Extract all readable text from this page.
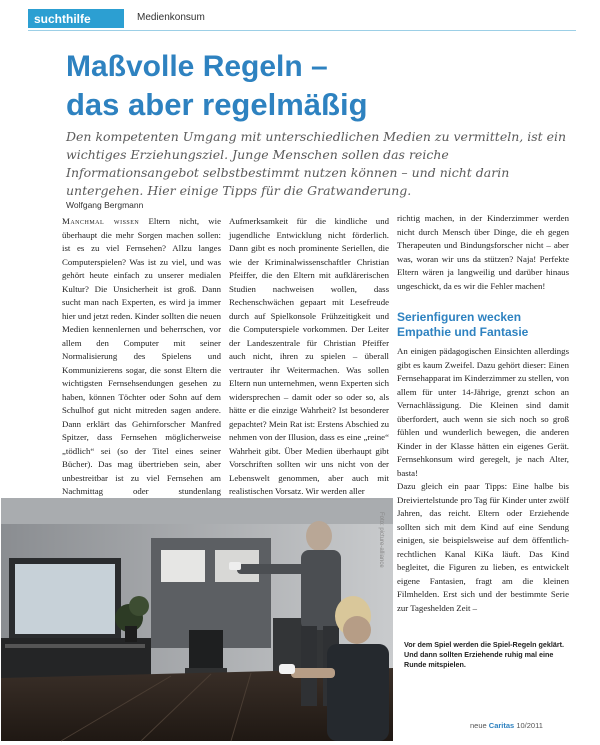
suchthilfe	Medienkonsum
Maßvolle Regeln –
das aber regelmäßig
Den kompetenten Umgang mit unterschiedlichen Medien zu vermitteln, ist ein wichtiges Erziehungsziel. Junge Menschen sollen das reiche Informationsangebot selbstbestimmt nutzen können – und nicht darin untergehen. Hier einige Tipps für die Gratwanderung.
Wolfgang Bergmann

Manchmal wissen Eltern nicht, wie überhaupt die mehr Sorgen machen sollen: ist es zu viel Fernsehen? Allzu langes Computerspielen? Was ist zu viel, und was gehört heute einfach zu unserer medialen Kultur? Die Unsicherheit ist groß. Dann sucht man nach Experten, es wird ja immer hier und jetzt reden. Kinder sollten die neuen Medien kennenlernen und beherrschen, vor allem den Computer mit seiner Normalisierung des Spielens und Kommunizierens sogar, die sonst Eltern die wichtigsten Fernsehsendungen gesehen zu haben, können Töchter oder Sohn auf dem Schulhof gut nicht mitreden sagen andere. Dann erklärt das Gehirnforscher Manfred Spitzer, dass Fernsehen möglicherweise „tödlich“ sei (so der Titel eines seiner Bücher). Das mag übertrieben sein, aber unbestreitbar ist zu viel Fernsehen am Nachmittag oder stundenlang

Aufmerksamkeit für die kindliche und jugendliche Entwicklung nicht förderlich. Dann gibt es noch prominente Seriellen, die wie der Kriminalwissenschaftler Christian Pfeiffer, die den Eltern mit aufklärerischen Studien nachweisen wollen, dass Rechenschwächen gepaart mit Lesefreude durch auf Spielkonsole Frühzeitigkeit und die Computerspiele vorkommen. Der Leiter der Landeszentrale für Christian Pfeiffer auch nicht, ihren zu spielen – überall vertrauter ihr Weitermachen. Was sollen Eltern nun unternehmen, wenn Experten sich widersprechen – damit oder so oder so, als hätte er die einzige Wahrheit? Ist besonderer gepachtet? Mein Rat ist: Erstens Abschied zu nehmen von der Illusion, dass es eine „reine“ Wahrheit gibt. Über Medien überhaupt gibt Vorschriften sollten wir uns nicht von der Lebenswelt genommen, aber auch mit realistischen Vorsatz. Wir werden aller

richtig machen, in der Kinderzimmer werden nicht durch Mensch über Dinge, die eh gegen Therapeuten und Bindungsforscher nicht – aber was, woran wir uns da stützen? Naja! Perfekte Eltern wären ja langweilig und darüber hinaus ungeschickt, da es wir die Fehler machen!

Serienfiguren wecken
Empathie und Fantasie

An einigen pädagogischen Einsichten allerdings gibt es kaum Zweifel. Dazu gehört dieser: Einen Fernsehapparat im Kinderzimmer zu stellen, von allem für unter 14-Jährige, grenzt schon an Vernachlässigung. Die Kleinen sind damit überfordert, auch wenn sie sich noch so groß fühlen und wunderlich bewegen, die anderen Kinder in der Klasse hätten ein eigenes Gerät. Fernsehkonsum wird geregelt, je nach Alter, basta!

Dazu gleich ein paar Tipps: Eine halbe bis Dreiviertelstunde pro Tag für Kinder unter zwölf Jahren, das reicht. Eltern oder Erziehende sollten sich mit dem Kind auf eine Sendung einigen, sie beispielsweise auf dem öffentlich-rechtlichen Kanal KiKa läuft. Das Kind begleitet, die Figuren zu lieben, es entwickelt eigene Fantasien, fragt am die kleinen Filmhelden. Erst sich und der bestimmte Serie zur Tageshelden Zeit –

Foto: picture-alliance
Vor dem Spiel werden die Spiel-Regeln geklärt. Und dann sollten Erziehende ruhig mal eine Runde mitspielen.
neue Caritas 10/2011
